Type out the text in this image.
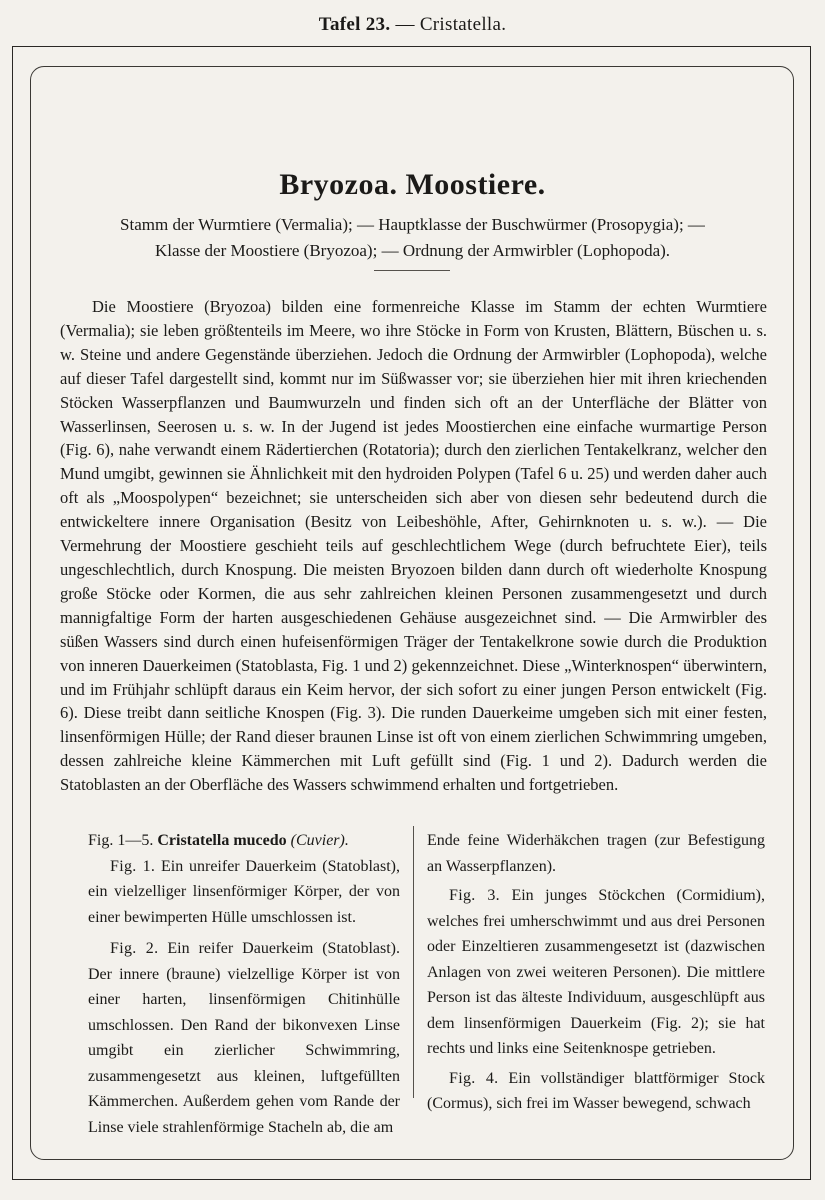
Tafel 23. — Cristatella.
Bryozoa. Moostiere.
Stamm der Wurmtiere (Vermalia); — Hauptklasse der Buschwürmer (Prosopygia); —
Klasse der Moostiere (Bryozoa); — Ordnung der Armwirbler (Lophopoda).

Die Moostiere (Bryozoa) bilden eine formenreiche Klasse im Stamm der echten Wurmtiere (Vermalia); sie leben größtenteils im Meere, wo ihre Stöcke in Form von Krusten, Blättern, Büschen u. s. w. Steine und andere Gegenstände überziehen. Jedoch die Ordnung der Armwirbler (Lophopoda), welche auf dieser Tafel dargestellt sind, kommt nur im Süßwasser vor; sie überziehen hier mit ihren kriechenden Stöcken Wasserpflanzen und Baumwurzeln und finden sich oft an der Unterfläche der Blätter von Wasserlinsen, Seerosen u. s. w. In der Jugend ist jedes Moostierchen eine einfache wurmartige Person (Fig. 6), nahe verwandt einem Rädertierchen (Rotatoria); durch den zierlichen Tentakelkranz, welcher den Mund umgibt, gewinnen sie Ähnlichkeit mit den hydroiden Polypen (Tafel 6 u. 25) und werden daher auch oft als „Moospolypen“ bezeichnet; sie unterscheiden sich aber von diesen sehr bedeutend durch die entwickeltere innere Organisation (Besitz von Leibeshöhle, After, Gehirnknoten u. s. w.). — Die Vermehrung der Moostiere geschieht teils auf geschlechtlichem Wege (durch befruchtete Eier), teils ungeschlechtlich, durch Knospung. Die meisten Bryozoen bilden dann durch oft wiederholte Knospung große Stöcke oder Kormen, die aus sehr zahlreichen kleinen Personen zusammengesetzt und durch mannigfaltige Form der harten ausgeschiedenen Gehäuse ausgezeichnet sind. — Die Armwirbler des süßen Wassers sind durch einen hufeisenförmigen Träger der Tentakelkrone sowie durch die Produktion von inneren Dauerkeimen (Statoblasta, Fig. 1 und 2) gekennzeichnet. Diese „Winterknospen“ überwintern, und im Frühjahr schlüpft daraus ein Keim hervor, der sich sofort zu einer jungen Person entwickelt (Fig. 6). Diese treibt dann seitliche Knospen (Fig. 3). Die runden Dauerkeime umgeben sich mit einer festen, linsenförmigen Hülle; der Rand dieser braunen Linse ist oft von einem zierlichen Schwimmring umgeben, dessen zahlreiche kleine Kämmerchen mit Luft gefüllt sind (Fig. 1 und 2). Dadurch werden die Statoblasten an der Oberfläche des Wassers schwimmend erhalten und fortgetrieben.

Fig. 1—5. Cristatella mucedo (Cuvier).

Fig. 1. Ein unreifer Dauerkeim (Statoblast), ein vielzelliger linsenförmiger Körper, der von einer bewimperten Hülle umschlossen ist.

Fig. 2. Ein reifer Dauerkeim (Statoblast). Der innere (braune) vielzellige Körper ist von einer harten, linsenförmigen Chitinhülle umschlossen. Den Rand der bikonvexen Linse umgibt ein zierlicher Schwimmring, zusammengesetzt aus kleinen, luftgefüllten Kämmerchen. Außerdem gehen vom Rande der Linse viele strahlenförmige Stacheln ab, die am

Ende feine Widerhäkchen tragen (zur Befestigung an Wasserpflanzen).

Fig. 3. Ein junges Stöckchen (Cormidium), welches frei umherschwimmt und aus drei Personen oder Einzeltieren zusammengesetzt ist (dazwischen Anlagen von zwei weiteren Personen). Die mittlere Person ist das älteste Individuum, ausgeschlüpft aus dem linsenförmigen Dauerkeim (Fig. 2); sie hat rechts und links eine Seitenknospe getrieben.

Fig. 4. Ein vollständiger blattförmiger Stock (Cormus), sich frei im Wasser bewegend, schwach
